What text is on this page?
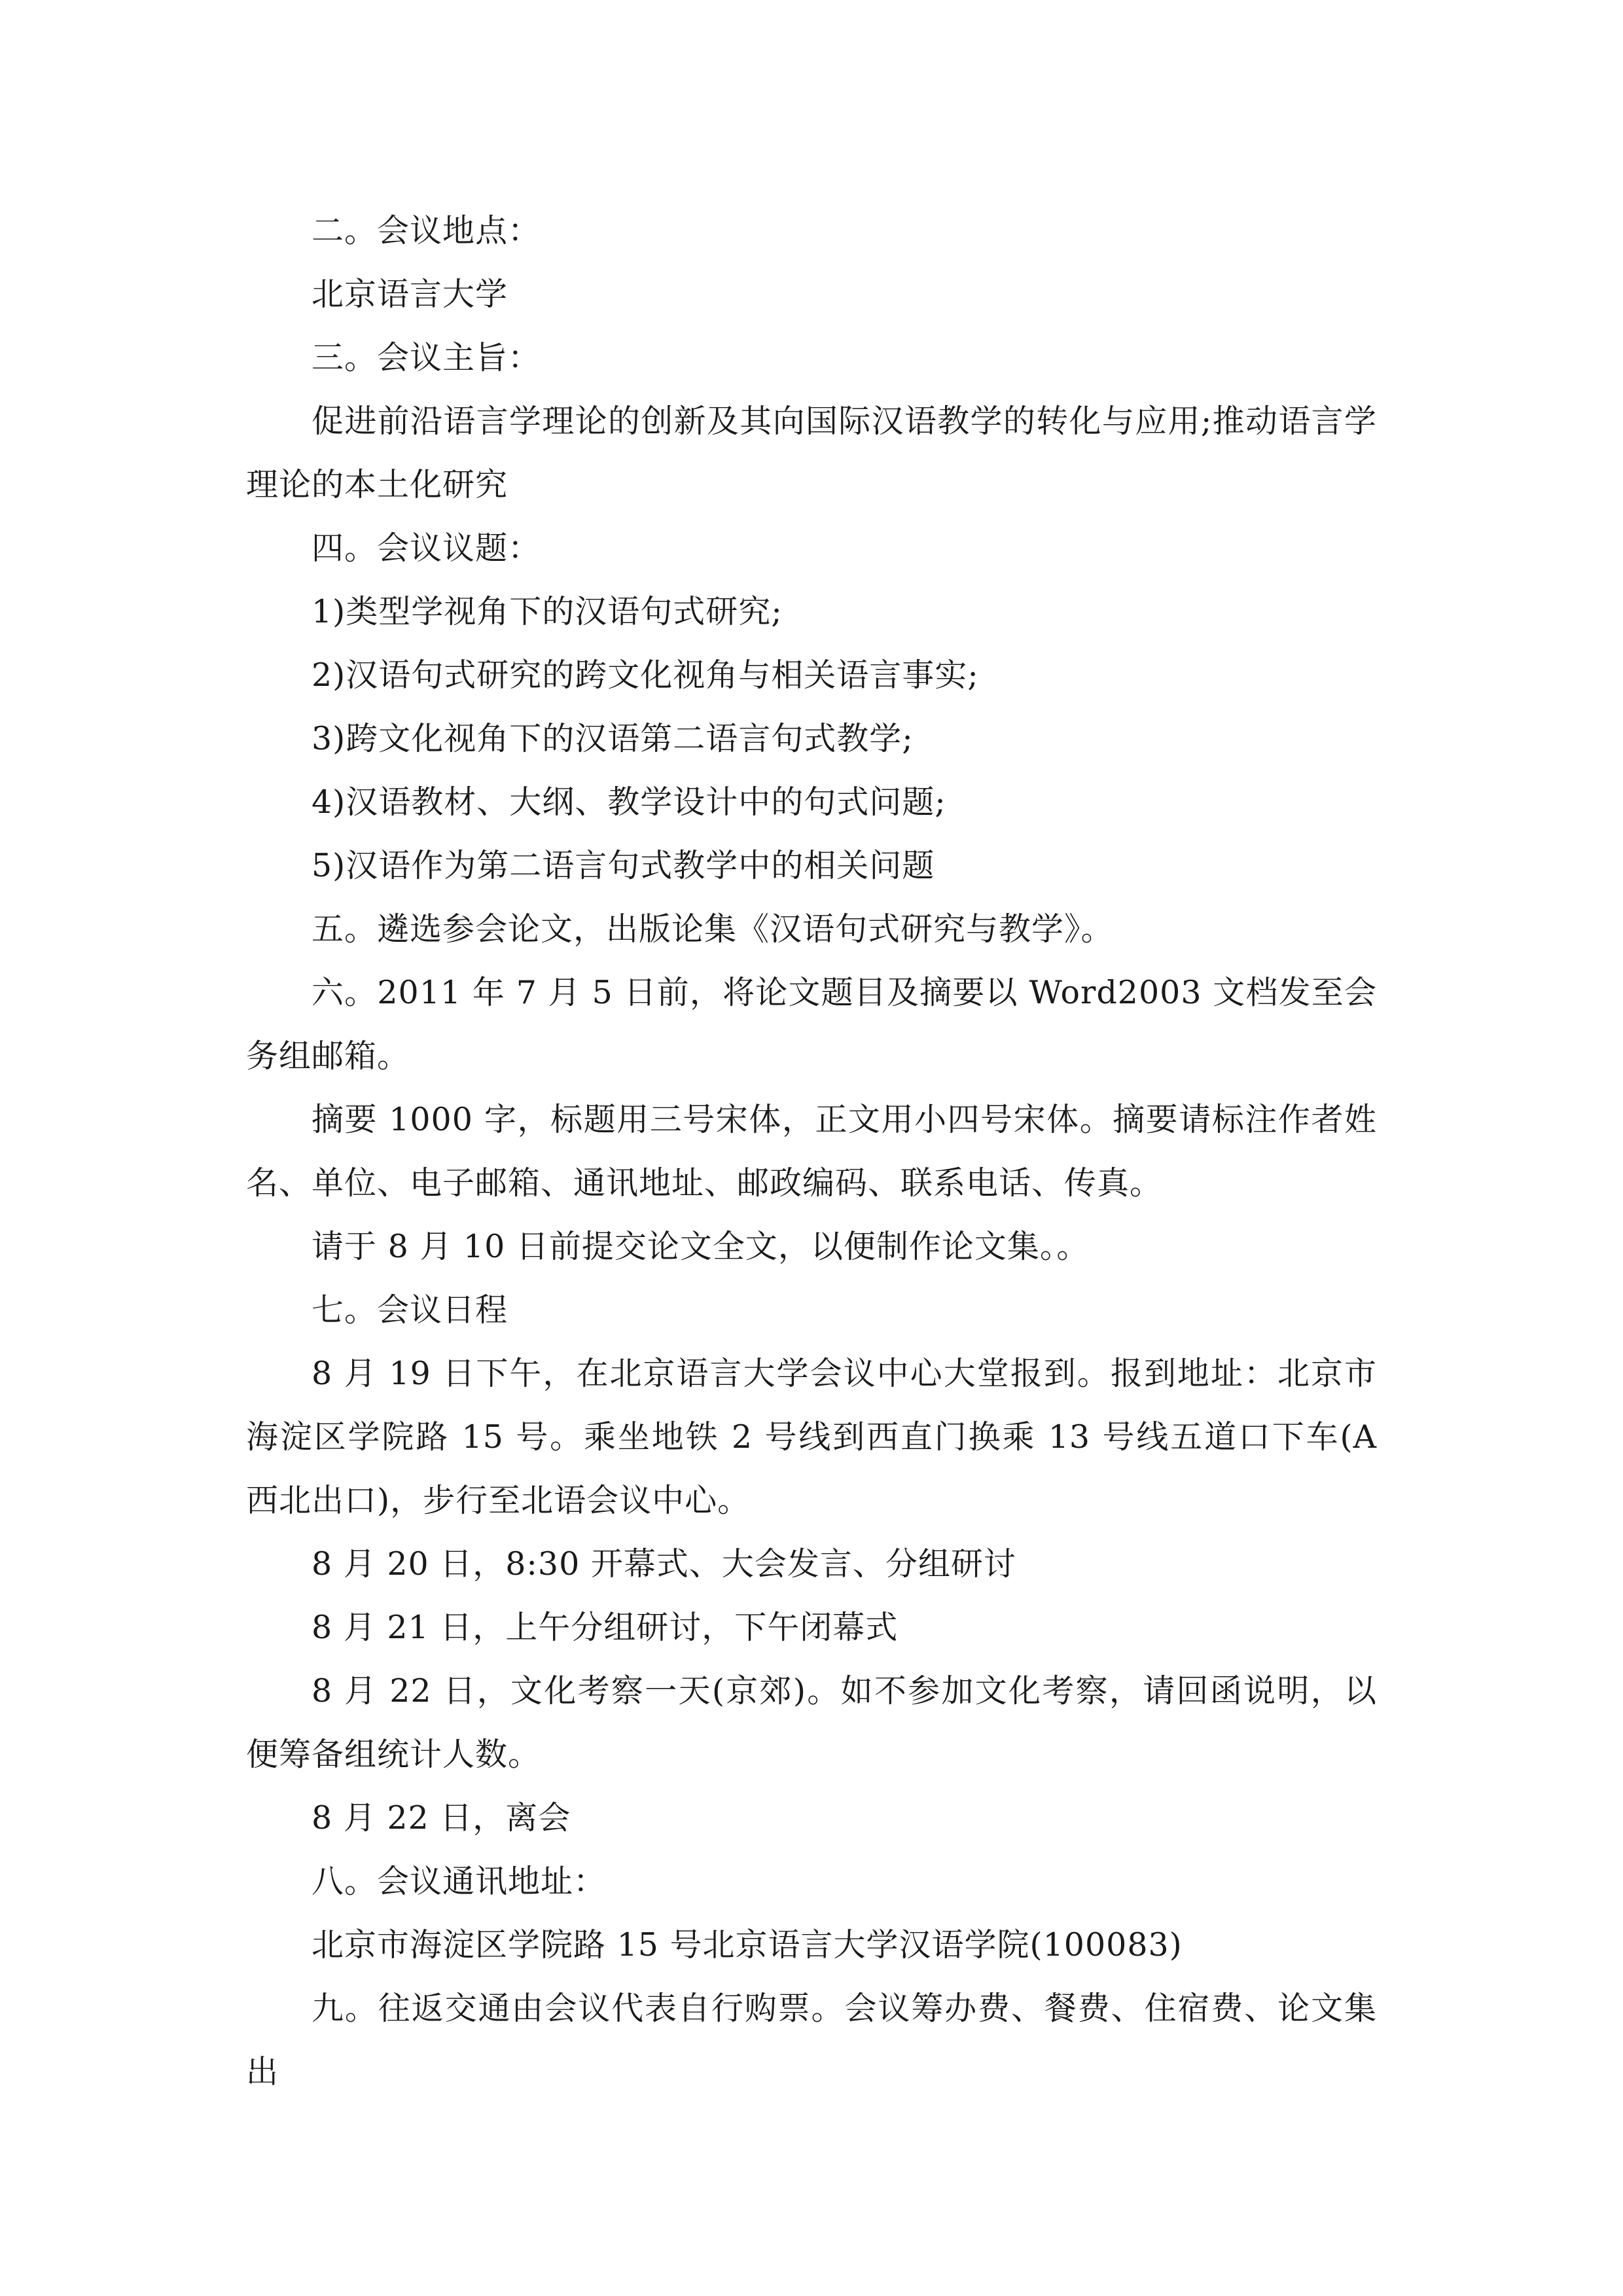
二。会议地点：

北京语言大学

三。会议主旨：

促进前沿语言学理论的创新及其向国际汉语教学的转化与应用;推动语言学理论的本土化研究

四。会议议题：

1)类型学视角下的汉语句式研究;

2)汉语句式研究的跨文化视角与相关语言事实;

3)跨文化视角下的汉语第二语言句式教学;

4)汉语教材、大纲、教学设计中的句式问题;

5)汉语作为第二语言句式教学中的相关问题

五。遴选参会论文，出版论集《汉语句式研究与教学》。

六。2011 年 7 月 5 日前，将论文题目及摘要以 Word2003 文档发至会务组邮箱。

摘要 1000 字，标题用三号宋体，正文用小四号宋体。摘要请标注作者姓名、单位、电子邮箱、通讯地址、邮政编码、联系电话、传真。

请于 8 月 10 日前提交论文全文，以便制作论文集。。

七。会议日程

8 月 19 日下午，在北京语言大学会议中心大堂报到。报到地址：北京市海淀区学院路 15 号。乘坐地铁 2 号线到西直门换乘 13 号线五道口下车(A 西北出口)，步行至北语会议中心。

8 月 20 日，8:30 开幕式、大会发言、分组研讨

8 月 21 日，上午分组研讨，下午闭幕式

8 月 22 日，文化考察一天(京郊)。如不参加文化考察，请回函说明，以便筹备组统计人数。

8 月 22 日，离会

八。会议通讯地址：

北京市海淀区学院路 15 号北京语言大学汉语学院(100083)

九。往返交通由会议代表自行购票。会议筹办费、餐费、住宿费、论文集出
